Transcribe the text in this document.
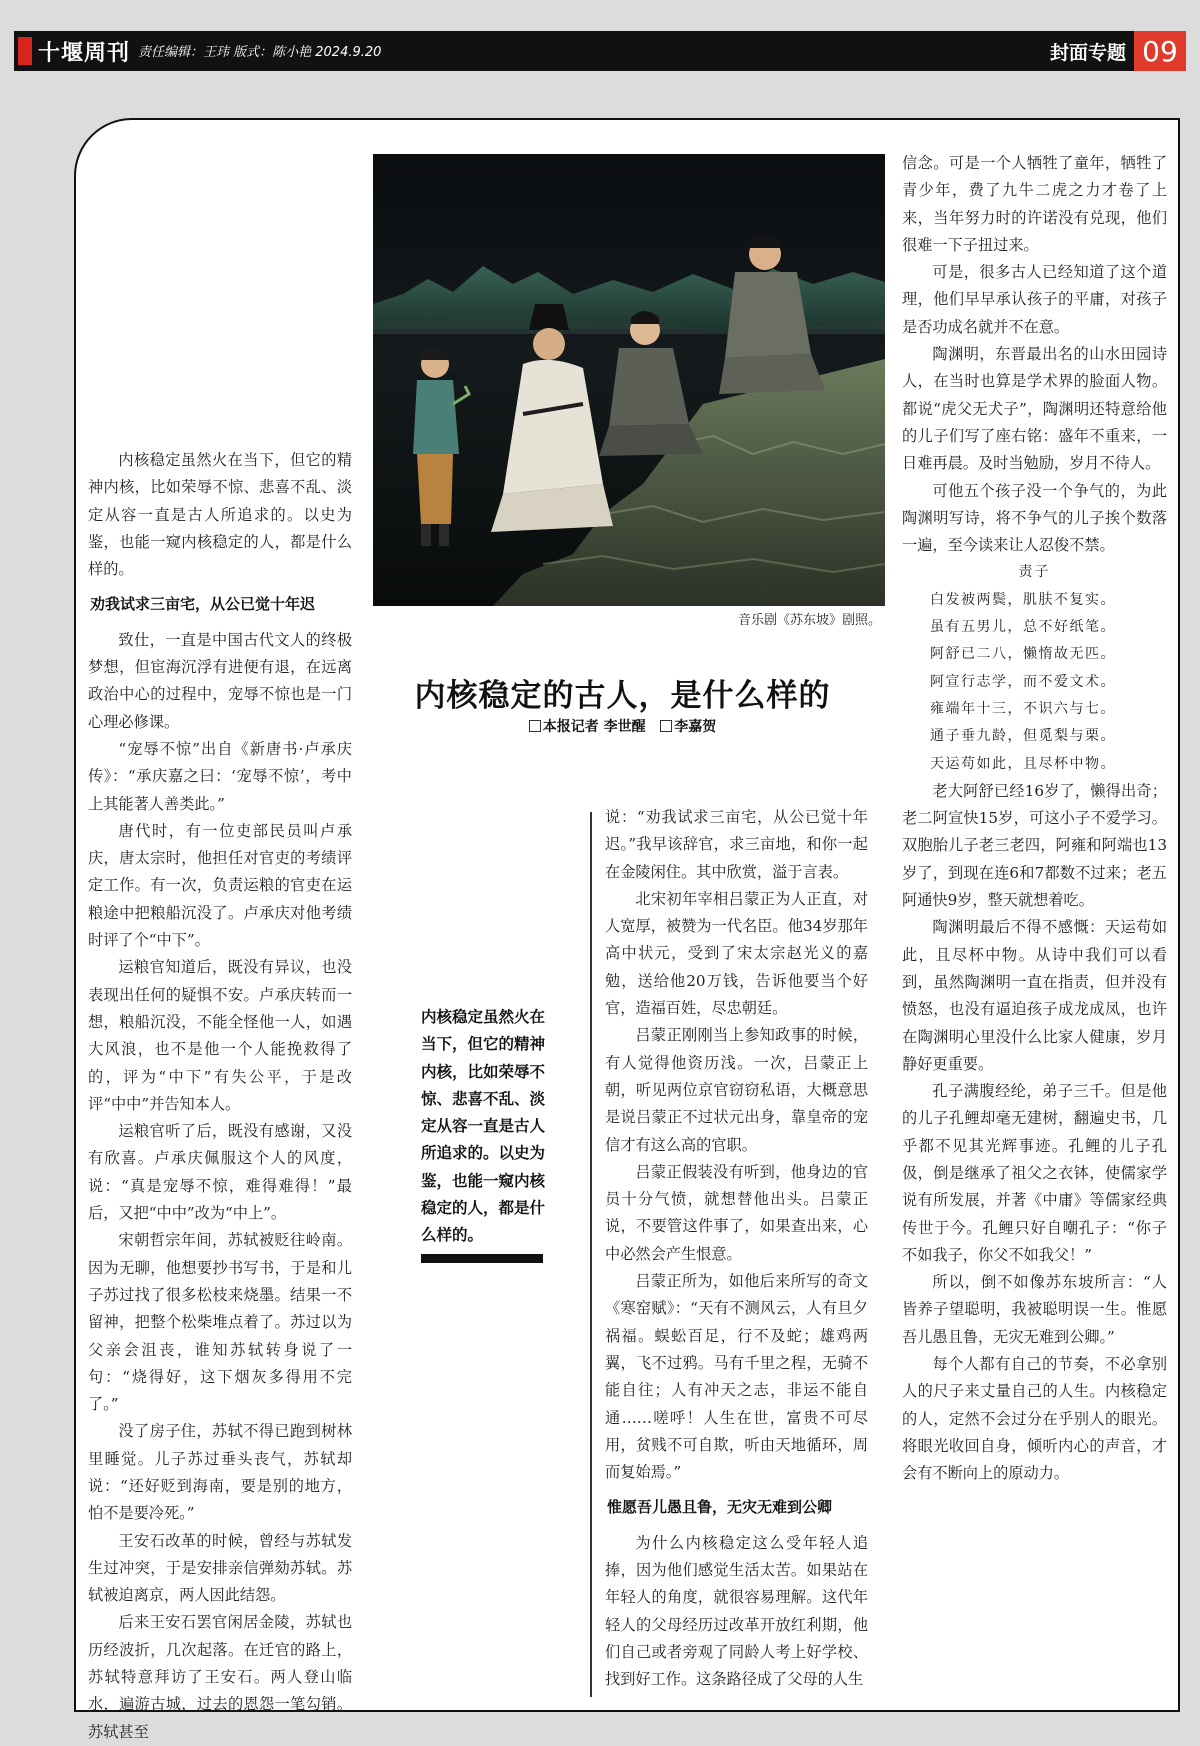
十堰周刊 责任编辑：王玮 版式：陈小艳 2024.9.20	封面专题 09

内核稳定虽然火在当下，但它的精神内核，比如荣辱不惊、悲喜不乱、淡定从容一直是古人所追求的。以史为鉴，也能一窥内核稳定的人，都是什么样的。

劝我试求三亩宅，从公已觉十年迟

致仕，一直是中国古代文人的终极梦想，但宦海沉浮有进便有退，在远离政治中心的过程中，宠辱不惊也是一门心理必修课。

“宠辱不惊”出自《新唐书·卢承庆传》：“承庆嘉之曰：‘宠辱不惊’，考中上其能著人善类此。”

唐代时，有一位吏部民员叫卢承庆，唐太宗时，他担任对官吏的考绩评定工作。有一次，负责运粮的官吏在运粮途中把粮船沉没了。卢承庆对他考绩时评了个“中下”。

运粮官知道后，既没有异议，也没表现出任何的疑惧不安。卢承庆转而一想，粮船沉没，不能全怪他一人，如遇大风浪，也不是他一个人能挽救得了的，评为“中下”有失公平，于是改评“中中”并告知本人。

运粮官听了后，既没有感谢，又没有欣喜。卢承庆佩服这个人的风度，说：“真是宠辱不惊，难得难得！”最后，又把“中中”改为“中上”。

宋朝哲宗年间，苏轼被贬往岭南。因为无聊，他想要抄书写书，于是和儿子苏过找了很多松枝来烧墨。结果一不留神，把整个松柴堆点着了。苏过以为父亲会沮丧，谁知苏轼转身说了一句：“烧得好，这下烟灰多得用不完了。”

没了房子住，苏轼不得已跑到树林里睡觉。儿子苏过垂头丧气，苏轼却说：“还好贬到海南，要是别的地方，怕不是要冷死。”

王安石改革的时候，曾经与苏轼发生过冲突，于是安排亲信弹劾苏轼。苏轼被迫离京，两人因此结怨。

后来王安石罢官闲居金陵，苏轼也历经波折，几次起落。在迁官的路上，苏轼特意拜访了王安石。两人登山临水，遍游古城，过去的恩怨一笔勾销。苏轼甚至

音乐剧《苏东坡》剧照。
内核稳定的古人，是什么样的
本报记者 李世醒 李嘉贺
内核稳定虽然火在当下，但它的精神内核，比如荣辱不惊、悲喜不乱、淡定从容一直是古人所追求的。以史为鉴，也能一窥内核稳定的人，都是什么样的。

说：“劝我试求三亩宅，从公已觉十年迟。”我早该辞官，求三亩地，和你一起在金陵闲住。其中欣赏，溢于言表。

北宋初年宰相吕蒙正为人正直，对人宽厚，被赞为一代名臣。他34岁那年高中状元，受到了宋太宗赵光义的嘉勉，送给他20万钱，告诉他要当个好官，造福百姓，尽忠朝廷。

吕蒙正刚刚当上参知政事的时候，有人觉得他资历浅。一次，吕蒙正上朝，听见两位京官窃窃私语，大概意思是说吕蒙正不过状元出身，靠皇帝的宠信才有这么高的官职。

吕蒙正假装没有听到，他身边的官员十分气愤，就想替他出头。吕蒙正说，不要管这件事了，如果查出来，心中必然会产生恨意。

吕蒙正所为，如他后来所写的奇文《寒窑赋》：“天有不测风云，人有旦夕祸福。蜈蚣百足，行不及蛇；雄鸡两翼，飞不过鸦。马有千里之程，无骑不能自往；人有冲天之志，非运不能自通……嗟呼！人生在世，富贵不可尽用，贫贱不可自欺，听由天地循环，周而复始焉。”

惟愿吾儿愚且鲁，无灾无难到公卿

为什么内核稳定这么受年轻人追捧，因为他们感觉生活太苦。如果站在年轻人的角度，就很容易理解。这代年轻人的父母经历过改革开放红利期，他们自己或者旁观了同龄人考上好学校、找到好工作。这条路径成了父母的人生

信念。可是一个人牺牲了童年，牺牲了青少年，费了九牛二虎之力才卷了上来，当年努力时的许诺没有兑现，他们很难一下子扭过来。

可是，很多古人已经知道了这个道理，他们早早承认孩子的平庸，对孩子是否功成名就并不在意。

陶渊明，东晋最出名的山水田园诗人，在当时也算是学术界的脸面人物。都说“虎父无犬子”，陶渊明还特意给他的儿子们写了座右铭：盛年不重来，一日难再晨。及时当勉励，岁月不待人。

可他五个孩子没一个争气的，为此陶渊明写诗，将不争气的儿子挨个数落一遍，至今读来让人忍俊不禁。

责子

白发被两鬓，肌肤不复实。

虽有五男儿，总不好纸笔。

阿舒已二八，懒惰故无匹。

阿宣行志学，而不爱文术。

雍端年十三，不识六与七。

通子垂九龄，但觅梨与栗。

天运苟如此，且尽杯中物。

老大阿舒已经16岁了，懒得出奇；老二阿宣快15岁，可这小子不爱学习。双胞胎儿子老三老四，阿雍和阿端也13岁了，到现在连6和7都数不过来；老五阿通快9岁，整天就想着吃。

陶渊明最后不得不感慨：天运苟如此，且尽杯中物。从诗中我们可以看到，虽然陶渊明一直在指责，但并没有愤怒，也没有逼迫孩子成龙成凤，也许在陶渊明心里没什么比家人健康，岁月静好更重要。

孔子满腹经纶，弟子三千。但是他的儿子孔鲤却毫无建树，翻遍史书，几乎都不见其光辉事迹。孔鲤的儿子孔伋，倒是继承了祖父之衣钵，使儒家学说有所发展，并著《中庸》等儒家经典传世于今。孔鲤只好自嘲孔子：“你子不如我子，你父不如我父！”

所以，倒不如像苏东坡所言：“人皆养子望聪明，我被聪明误一生。惟愿吾儿愚且鲁，无灾无难到公卿。”

每个人都有自己的节奏，不必拿别人的尺子来丈量自己的人生。内核稳定的人，定然不会过分在乎别人的眼光。将眼光收回自身，倾听内心的声音，才会有不断向上的原动力。
